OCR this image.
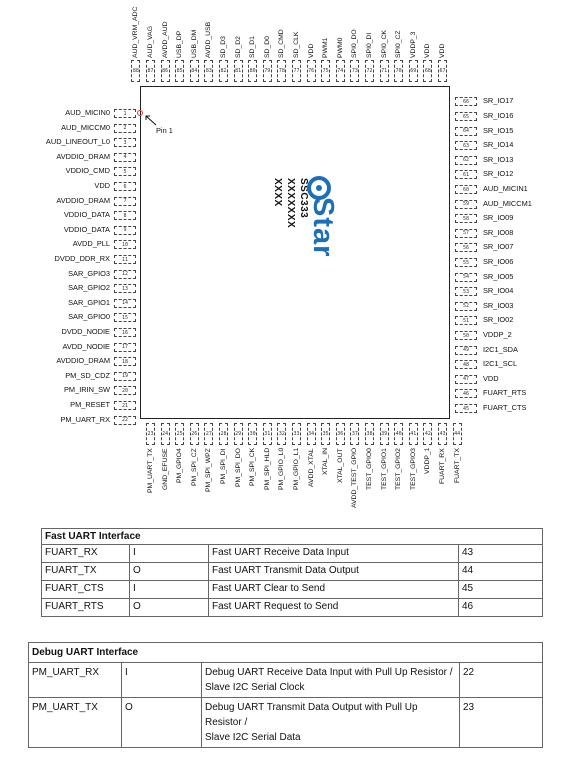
Pin 1
SSC333
XXXXXXX
XXXX
Star
1
AUD_MICIN0
2
AUD_MICCM0
3
AUD_LINEOUT_L0
4
AVDDIO_DRAM
5
VDDIO_CMD
6
VDD
7
AVDDIO_DRAM
8
VDDIO_DATA
9
VDDIO_DATA
10
AVDD_PLL
11
DVDD_DDR_RX
12
SAR_GPIO3
13
SAR_GPIO2
14
SAR_GPIO1
15
SAR_GPIO0
16
DVDD_NODIE
17
AVDD_NODIE
18
AVDDIO_DRAM
19
PM_SD_CDZ
20
PM_IRIN_SW
21
PM_RESET
22
PM_UART_RX
45	FUART_CTS
46	FUART_RTS
47	VDD
48	I2C1_SCL
49	I2C1_SDA
50	VDDP_2
51	SR_IO02
52	SR_IO03
53	SR_IO04
54	SR_IO05
55	SR_IO06
56	SR_IO07
57	SR_IO08
58	SR_IO09
59	AUD_MICCM1
60	AUD_MICIN1
61	SR_IO12
62	SR_IO13
63	SR_IO14
64	SR_IO15
65	SR_IO16
66	SR_IO17
23
PM_UART_TX
24
GND_EFUSE
25
PM_GPIO4
26
PM_SPI_CZ
27
PM_SPI_WPZ
28
PM_SPI_DI
29
PM_SPI_DO
30
PM_SPI_CK
31
PM_SPI_HLD
32
PM_GPIO_L0
33
PM_GPIO_L1
34
AVDD_XTAL
35
XTAL_IN
36
XTAL_OUT
37
AVDD_TEST_GPIO
38
TEST_GPIO0
39
TEST_GPIO1
40
TEST_GPIO2
41
TEST_GPIO3
42
VDDP_1
43
FUART_RX
44
FUART_TX
67
VDD
68
VDD
69
VDDP_3
70
SPI0_CZ
71
SPI0_CK
72
SPI0_DI
73
SPI0_DO
74
PWM0
75
PWM1
76
VDD
77
SD_CLK
78
SD_CMD
79
SD_D0
80
SD_D1
81
SD_D2
82
SD_D3
83
AVDD_USB
84
USB_DM
85
USB_DP
86
AVDD_AUD
87
AUD_VAG
88
AUD_VRM_ADC
Fast UART Interface			
FUART_RX	I	Fast UART Receive Data Input	43
FUART_TX	O	Fast UART Transmit Data Output	44
FUART_CTS	I	Fast UART Clear to Send	45
FUART_RTS	O	Fast UART Request to Send	46
Debug UART Interface			
PM_UART_RX	I	Debug UART Receive Data Input with Pull Up Resistor /
Slave I2C Serial Clock	22
PM_UART_TX	O	Debug UART Transmit Data Output with Pull Up
Resistor /
Slave I2C Serial Data	23
